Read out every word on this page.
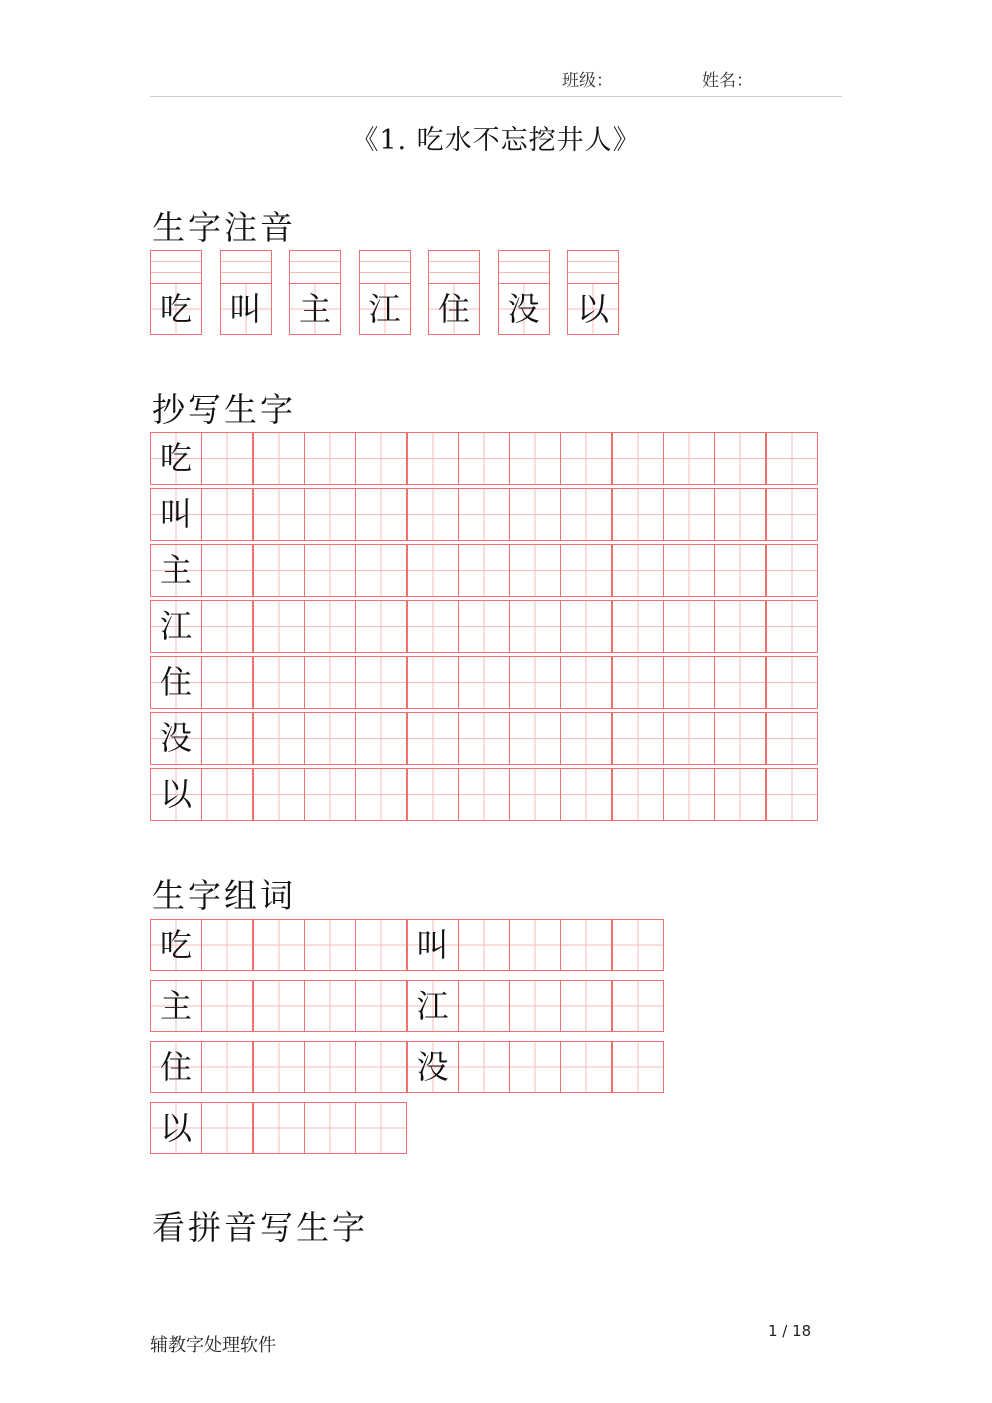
班级：	姓名：
《1. 吃水不忘挖井人》
生字注音
吃	叫	主	江	住	没	以
抄写生字
吃
叫
主
江
住
没
以
生字组词
吃	叫
主	江
住	没
以
看拼音写生字
辅教字处理软件
1 / 18
